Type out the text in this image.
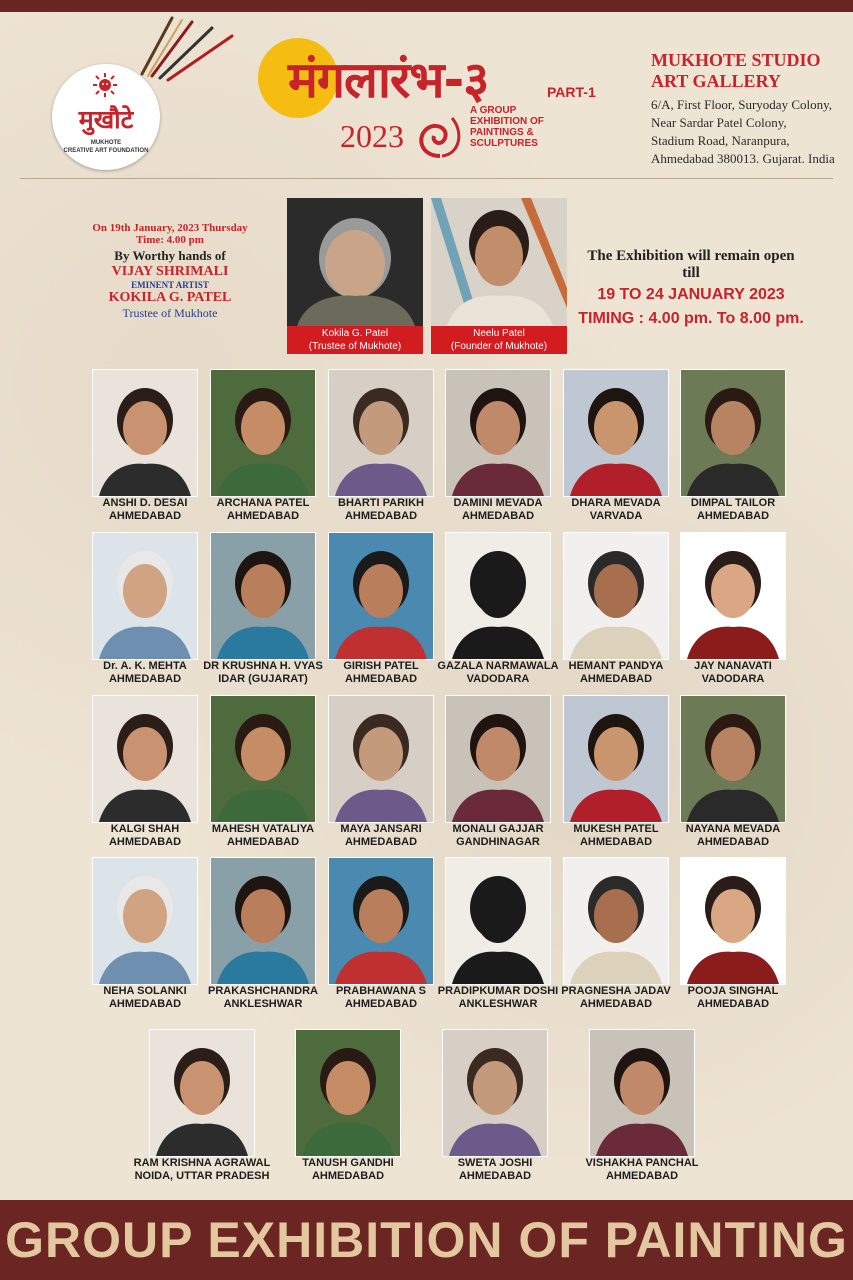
मुखौटे
MUKHOTE
CREATIVE ART FOUNDATION
मंगलारंभ-३	PART-1
2023
A GROUP
EXHIBITION OF
PAINTINGS &
SCULPTURES
MUKHOTE STUDIO
ART GALLERY
6/A, First Floor, Suryoday Colony,
Near Sardar Patel Colony,
Stadium Road, Naranpura,
Ahmedabad 380013. Gujarat. India
On 19th January, 2023 Thursday
Time: 4.00 pm
By Worthy hands of
VIJAY SHRIMALI
EMINENT ARTIST
KOKILA G. PATEL
Trustee of Mukhote
Kokila G. Patel
(Trustee of Mukhote)
Neelu Patel
(Founder of Mukhote)
The Exhibition will remain open till
19 TO 24 JANUARY 2023
TIMING : 4.00 pm. To 8.00 pm.
ANSHI D. DESAI
AHMEDABAD
ARCHANA PATEL
AHMEDABAD
BHARTI PARIKH
AHMEDABAD
DAMINI MEVADA
AHMEDABAD
DHARA MEVADA
VARVADA
DIMPAL TAILOR
AHMEDABAD
Dr. A. K. MEHTA
AHMEDABAD
DR KRUSHNA H. VYAS
IDAR (GUJARAT)
GIRISH PATEL
AHMEDABAD
GAZALA NARMAWALA
VADODARA
HEMANT PANDYA
AHMEDABAD
JAY NANAVATI
VADODARA
KALGI SHAH
AHMEDABAD
MAHESH VATALIYA
AHMEDABAD
MAYA JANSARI
AHMEDABAD
MONALI GAJJAR
GANDHINAGAR
MUKESH PATEL
AHMEDABAD
NAYANA MEVADA
AHMEDABAD
NEHA SOLANKI
AHMEDABAD
PRAKASHCHANDRA
ANKLESHWAR
PRABHAWANA S
AHMEDABAD
PRADIPKUMAR DOSHI
ANKLESHWAR
PRAGNESHA JADAV
AHMEDABAD
POOJA SINGHAL
AHMEDABAD
RAM KRISHNA AGRAWAL
NOIDA, UTTAR PRADESH
TANUSH GANDHI
AHMEDABAD
SWETA JOSHI
AHMEDABAD
VISHAKHA PANCHAL
AHMEDABAD
GROUP EXHIBITION OF PAINTING
